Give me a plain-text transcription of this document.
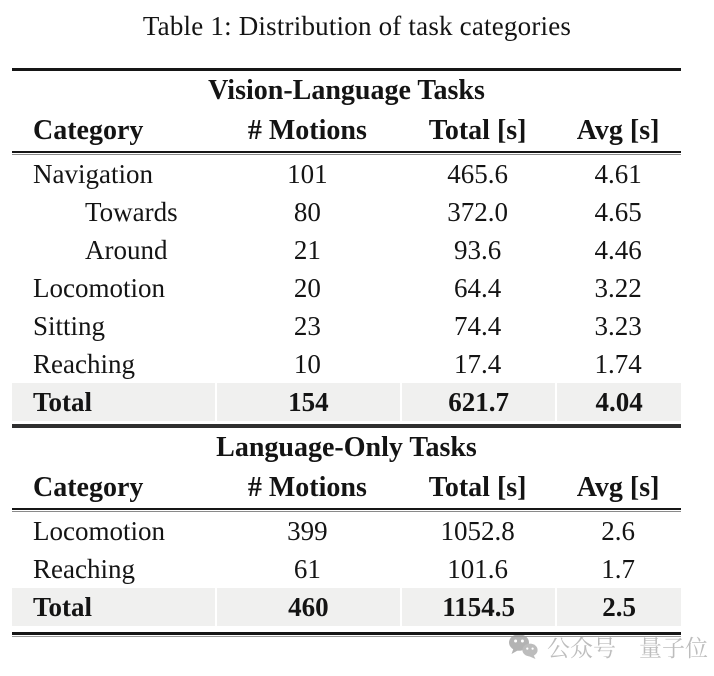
Table 1: Distribution of task categories
Vision-Language Tasks
Category	# Motions	Total [s]	Avg [s]
Navigation	101	465.6	4.61
Towards	80	372.0	4.65
Around	21	93.6	4.46
Locomotion	20	64.4	3.22
Sitting	23	74.4	3.23
Reaching	10	17.4	1.74
Total	154	621.7	4.04
Language-Only Tasks
Category	# Motions	Total [s]	Avg [s]
Locomotion	399	1052.8	2.6
Reaching	61	101.6	1.7
Total	460	1154.5	2.5
公众号 量子位
